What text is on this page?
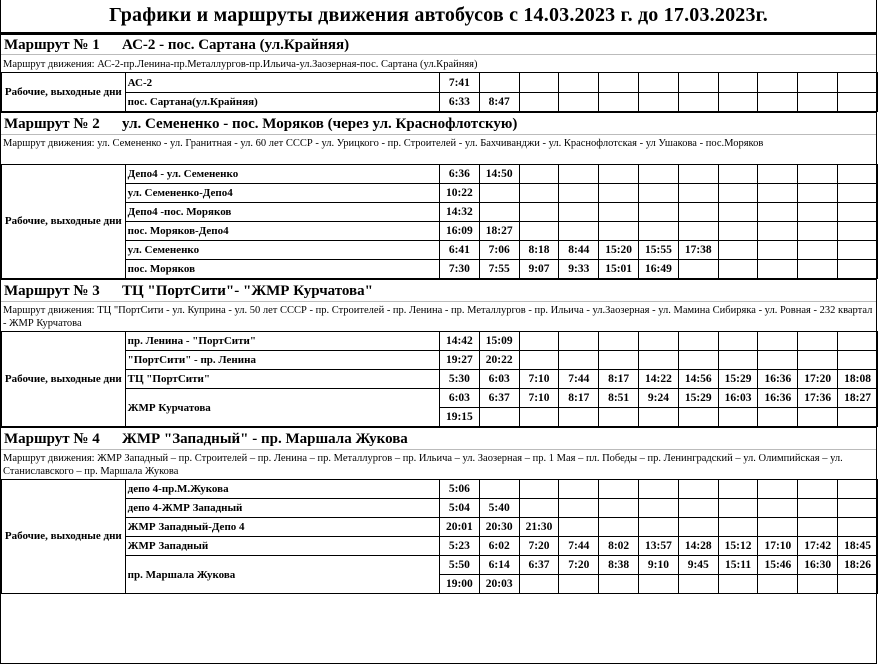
Графики и маршруты движения автобусов с 14.03.2023 г. до 17.03.2023г.
Маршрут № 1 АС-2 - пос. Сартана (ул.Крайняя)
Маршрут движения: АС-2-пр.Ленина-пр.Металлургов-пр.Ильича-ул.Заозерная-пос. Сартана (ул.Крайняя)
Рабочие, выходные дни	АС-2	7:41										
	пос. Сартана(ул.Крайняя)	6:33	8:47									
Маршрут № 2 ул. Семененко - пос. Моряков (через ул. Краснофлотскую)
Маршрут движения: ул. Семененко - ул. Гранитная - ул. 60 лет СССР - ул. Урицкого - пр. Строителей - ул. Бахчиванджи - ул. Краснофлотская - ул Ушакова - пос.Моряков
Рабочие, выходные дни	Депо4 - ул. Семененко	6:36	14:50									
	ул. Семененко-Депо4	10:22										
	Депо4 -пос. Моряков	14:32										
	пос. Моряков-Депо4	16:09	18:27									
	ул. Семененко	6:41	7:06	8:18	8:44	15:20	15:55	17:38				
	пос. Моряков	7:30	7:55	9:07	9:33	15:01	16:49					
Маршрут № 3 ТЦ "ПортСити"- "ЖМР Курчатова"
Маршрут движения: ТЦ "ПортСити - ул. Куприна - ул. 50 лет СССР - пр. Строителей - пр. Ленина - пр. Металлургов - пр. Ильича - ул.Заозерная - ул. Мамина Сибиряка - ул. Ровная - 232 квартал - ЖМР Курчатова
Рабочие, выходные дни	пр. Ленина - "ПортСити"	14:42	15:09									
	"ПортСити" - пр. Ленина	19:27	20:22									
	ТЦ "ПортСити"	5:30	6:03	7:10	7:44	8:17	14:22	14:56	15:29	16:36	17:20	18:08
	ЖМР Курчатова	6:03	6:37	7:10	8:17	8:51	9:24	15:29	16:03	16:36	17:36	18:27
		19:15										
Маршрут № 4 ЖМР "Западный" - пр. Маршала Жукова
Маршрут движения: ЖМР Западный – пр. Строителей – пр. Ленина – пр. Металлургов – пр. Ильича – ул. Заозерная – пр. 1 Мая – пл. Победы – пр. Ленинградский – ул. Олимпийская – ул. Станиславского – пр. Маршала Жукова
Рабочие, выходные дни	депо 4-пр.М.Жукова	5:06										
	депо 4-ЖМР Западный	5:04	5:40									
	ЖМР Западный-Депо 4	20:01	20:30	21:30								
	ЖМР Западный	5:23	6:02	7:20	7:44	8:02	13:57	14:28	15:12	17:10	17:42	18:45
	пр. Маршала Жукова	5:50	6:14	6:37	7:20	8:38	9:10	9:45	15:11	15:46	16:30	18:26
		19:00	20:03									
